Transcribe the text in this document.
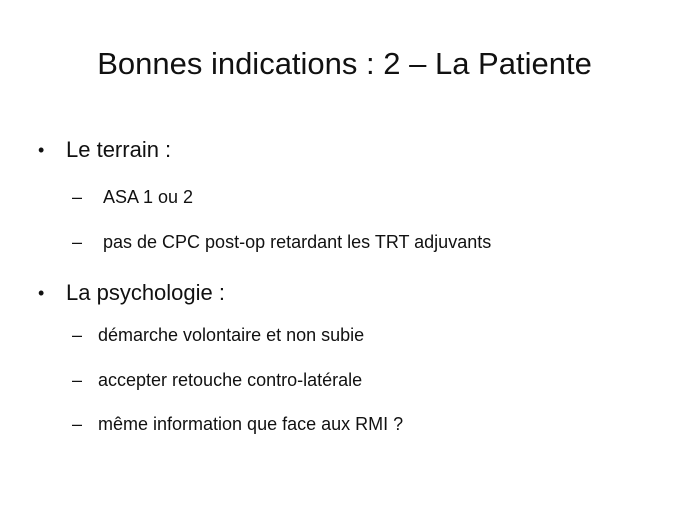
Bonnes indications : 2 – La Patiente
• Le terrain :
– ASA 1 ou 2
– pas de CPC post-op retardant les TRT adjuvants
• La psychologie :
– démarche volontaire et non subie
– accepter retouche contro-latérale
– même information que face aux RMI ?
